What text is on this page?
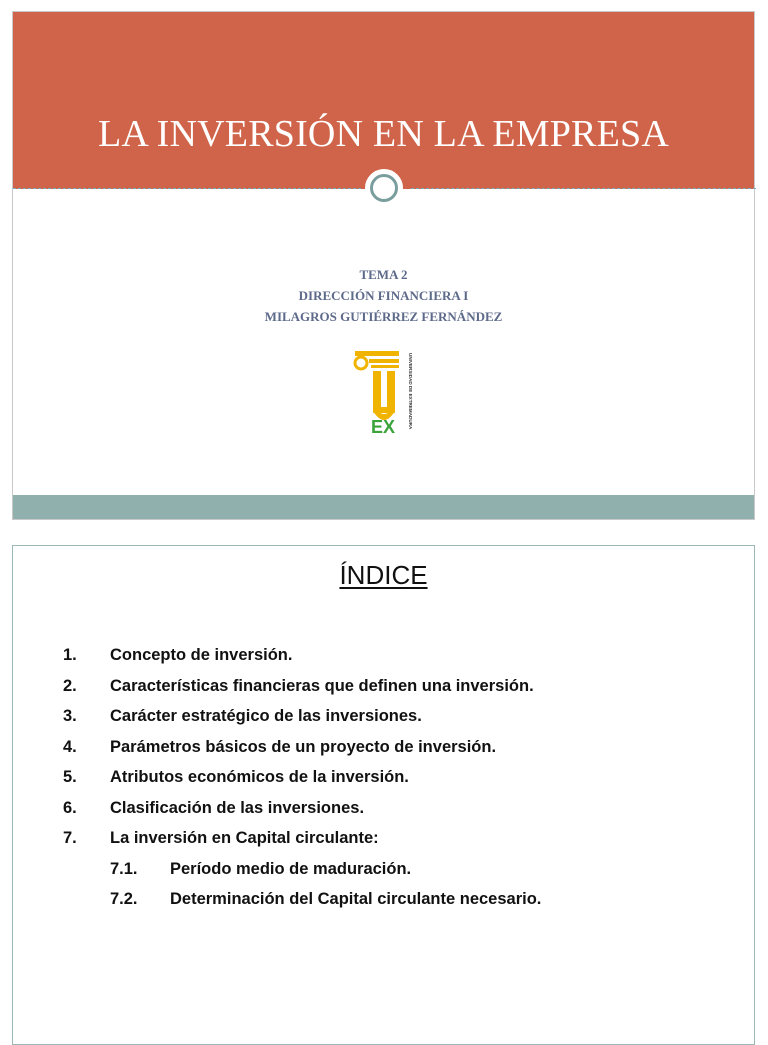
LA INVERSIÓN EN LA EMPRESA
TEMA 2
DIRECCIÓN FINANCIERA I
MILAGROS GUTIÉRREZ FERNÁNDEZ
EX	UNIVERSIDAD DE EXTREMADURA
ÍNDICE
1. Concepto de inversión.
2. Características financieras que definen una inversión.
3. Carácter estratégico de las inversiones.
4. Parámetros básicos de un proyecto de inversión.
5. Atributos económicos de la inversión.
6. Clasificación de las inversiones.
7. La inversión en Capital circulante:
7.1. Período medio de maduración.
7.2. Determinación del Capital circulante necesario.
